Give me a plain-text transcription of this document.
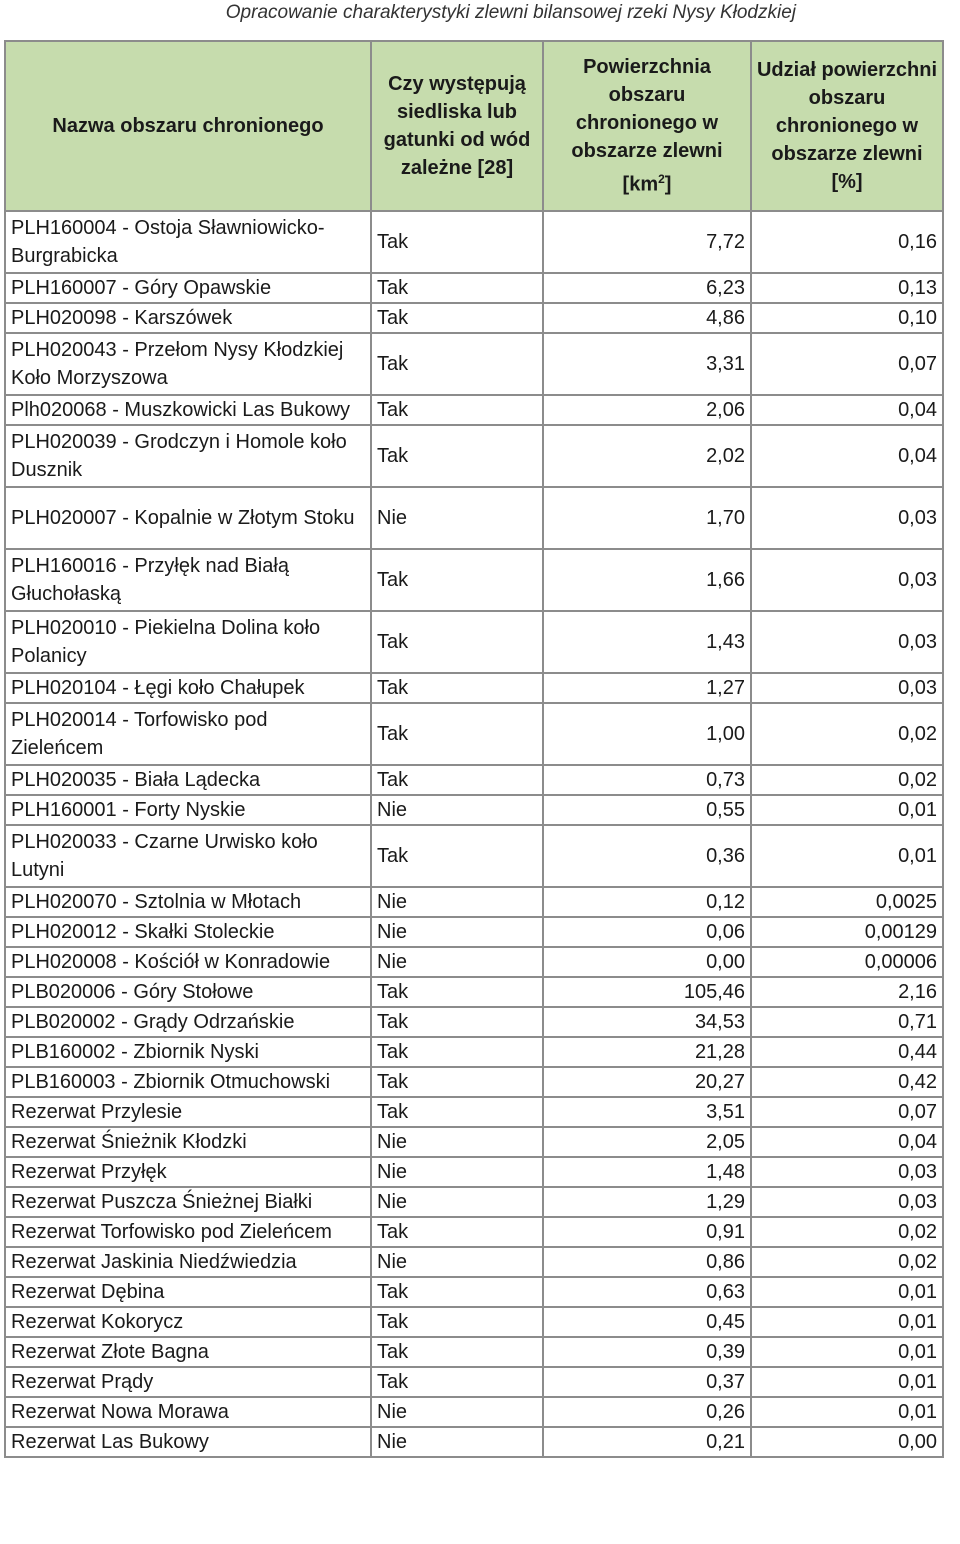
Opracowanie charakterystyki zlewni bilansowej rzeki Nysy Kłodzkiej
Nazwa obszaru chronionego	Czy występują siedliska lub gatunki od wód zależne [28]	Powierzchnia obszaru chronionego w obszarze zlewni $[km^2]$	Udział powierzchni obszaru chronionego w obszarze zlewni [%]
PLH160004 - Ostoja Sławniowicko-Burgrabicka	Tak	7,72	0,16
PLH160007 - Góry Opawskie	Tak	6,23	0,13
PLH020098 - Karszówek	Tak	4,86	0,10
PLH020043 - Przełom Nysy Kłodzkiej Koło Morzyszowa	Tak	3,31	0,07
Plh020068 - Muszkowicki Las Bukowy	Tak	2,06	0,04
PLH020039 - Grodczyn i Homole koło Dusznik	Tak	2,02	0,04
PLH020007 - Kopalnie w Złotym Stoku	Nie	1,70	0,03
PLH160016 - Przyłęk nad Białą Głuchołaską	Tak	1,66	0,03
PLH020010 - Piekielna Dolina koło Polanicy	Tak	1,43	0,03
PLH020104 - Łęgi koło Chałupek	Tak	1,27	0,03
PLH020014 - Torfowisko pod Zieleńcem	Tak	1,00	0,02
PLH020035 - Biała Lądecka	Tak	0,73	0,02
PLH160001 - Forty Nyskie	Nie	0,55	0,01
PLH020033 - Czarne Urwisko koło Lutyni	Tak	0,36	0,01
PLH020070 - Sztolnia w Młotach	Nie	0,12	0,0025
PLH020012 - Skałki Stoleckie	Nie	0,06	0,00129
PLH020008 - Kościół w Konradowie	Nie	0,00	0,00006
PLB020006 - Góry Stołowe	Tak	105,46	2,16
PLB020002 - Grądy Odrzańskie	Tak	34,53	0,71
PLB160002 - Zbiornik Nyski	Tak	21,28	0,44
PLB160003 - Zbiornik Otmuchowski	Tak	20,27	0,42
Rezerwat Przylesie	Tak	3,51	0,07
Rezerwat Śnieżnik Kłodzki	Nie	2,05	0,04
Rezerwat Przyłęk	Nie	1,48	0,03
Rezerwat Puszcza Śnieżnej Białki	Nie	1,29	0,03
Rezerwat Torfowisko pod Zieleńcem	Tak	0,91	0,02
Rezerwat Jaskinia Niedźwiedzia	Nie	0,86	0,02
Rezerwat Dębina	Tak	0,63	0,01
Rezerwat Kokorycz	Tak	0,45	0,01
Rezerwat Złote Bagna	Tak	0,39	0,01
Rezerwat Prądy	Tak	0,37	0,01
Rezerwat Nowa Morawa	Nie	0,26	0,01
Rezerwat Las Bukowy	Nie	0,21	0,00
